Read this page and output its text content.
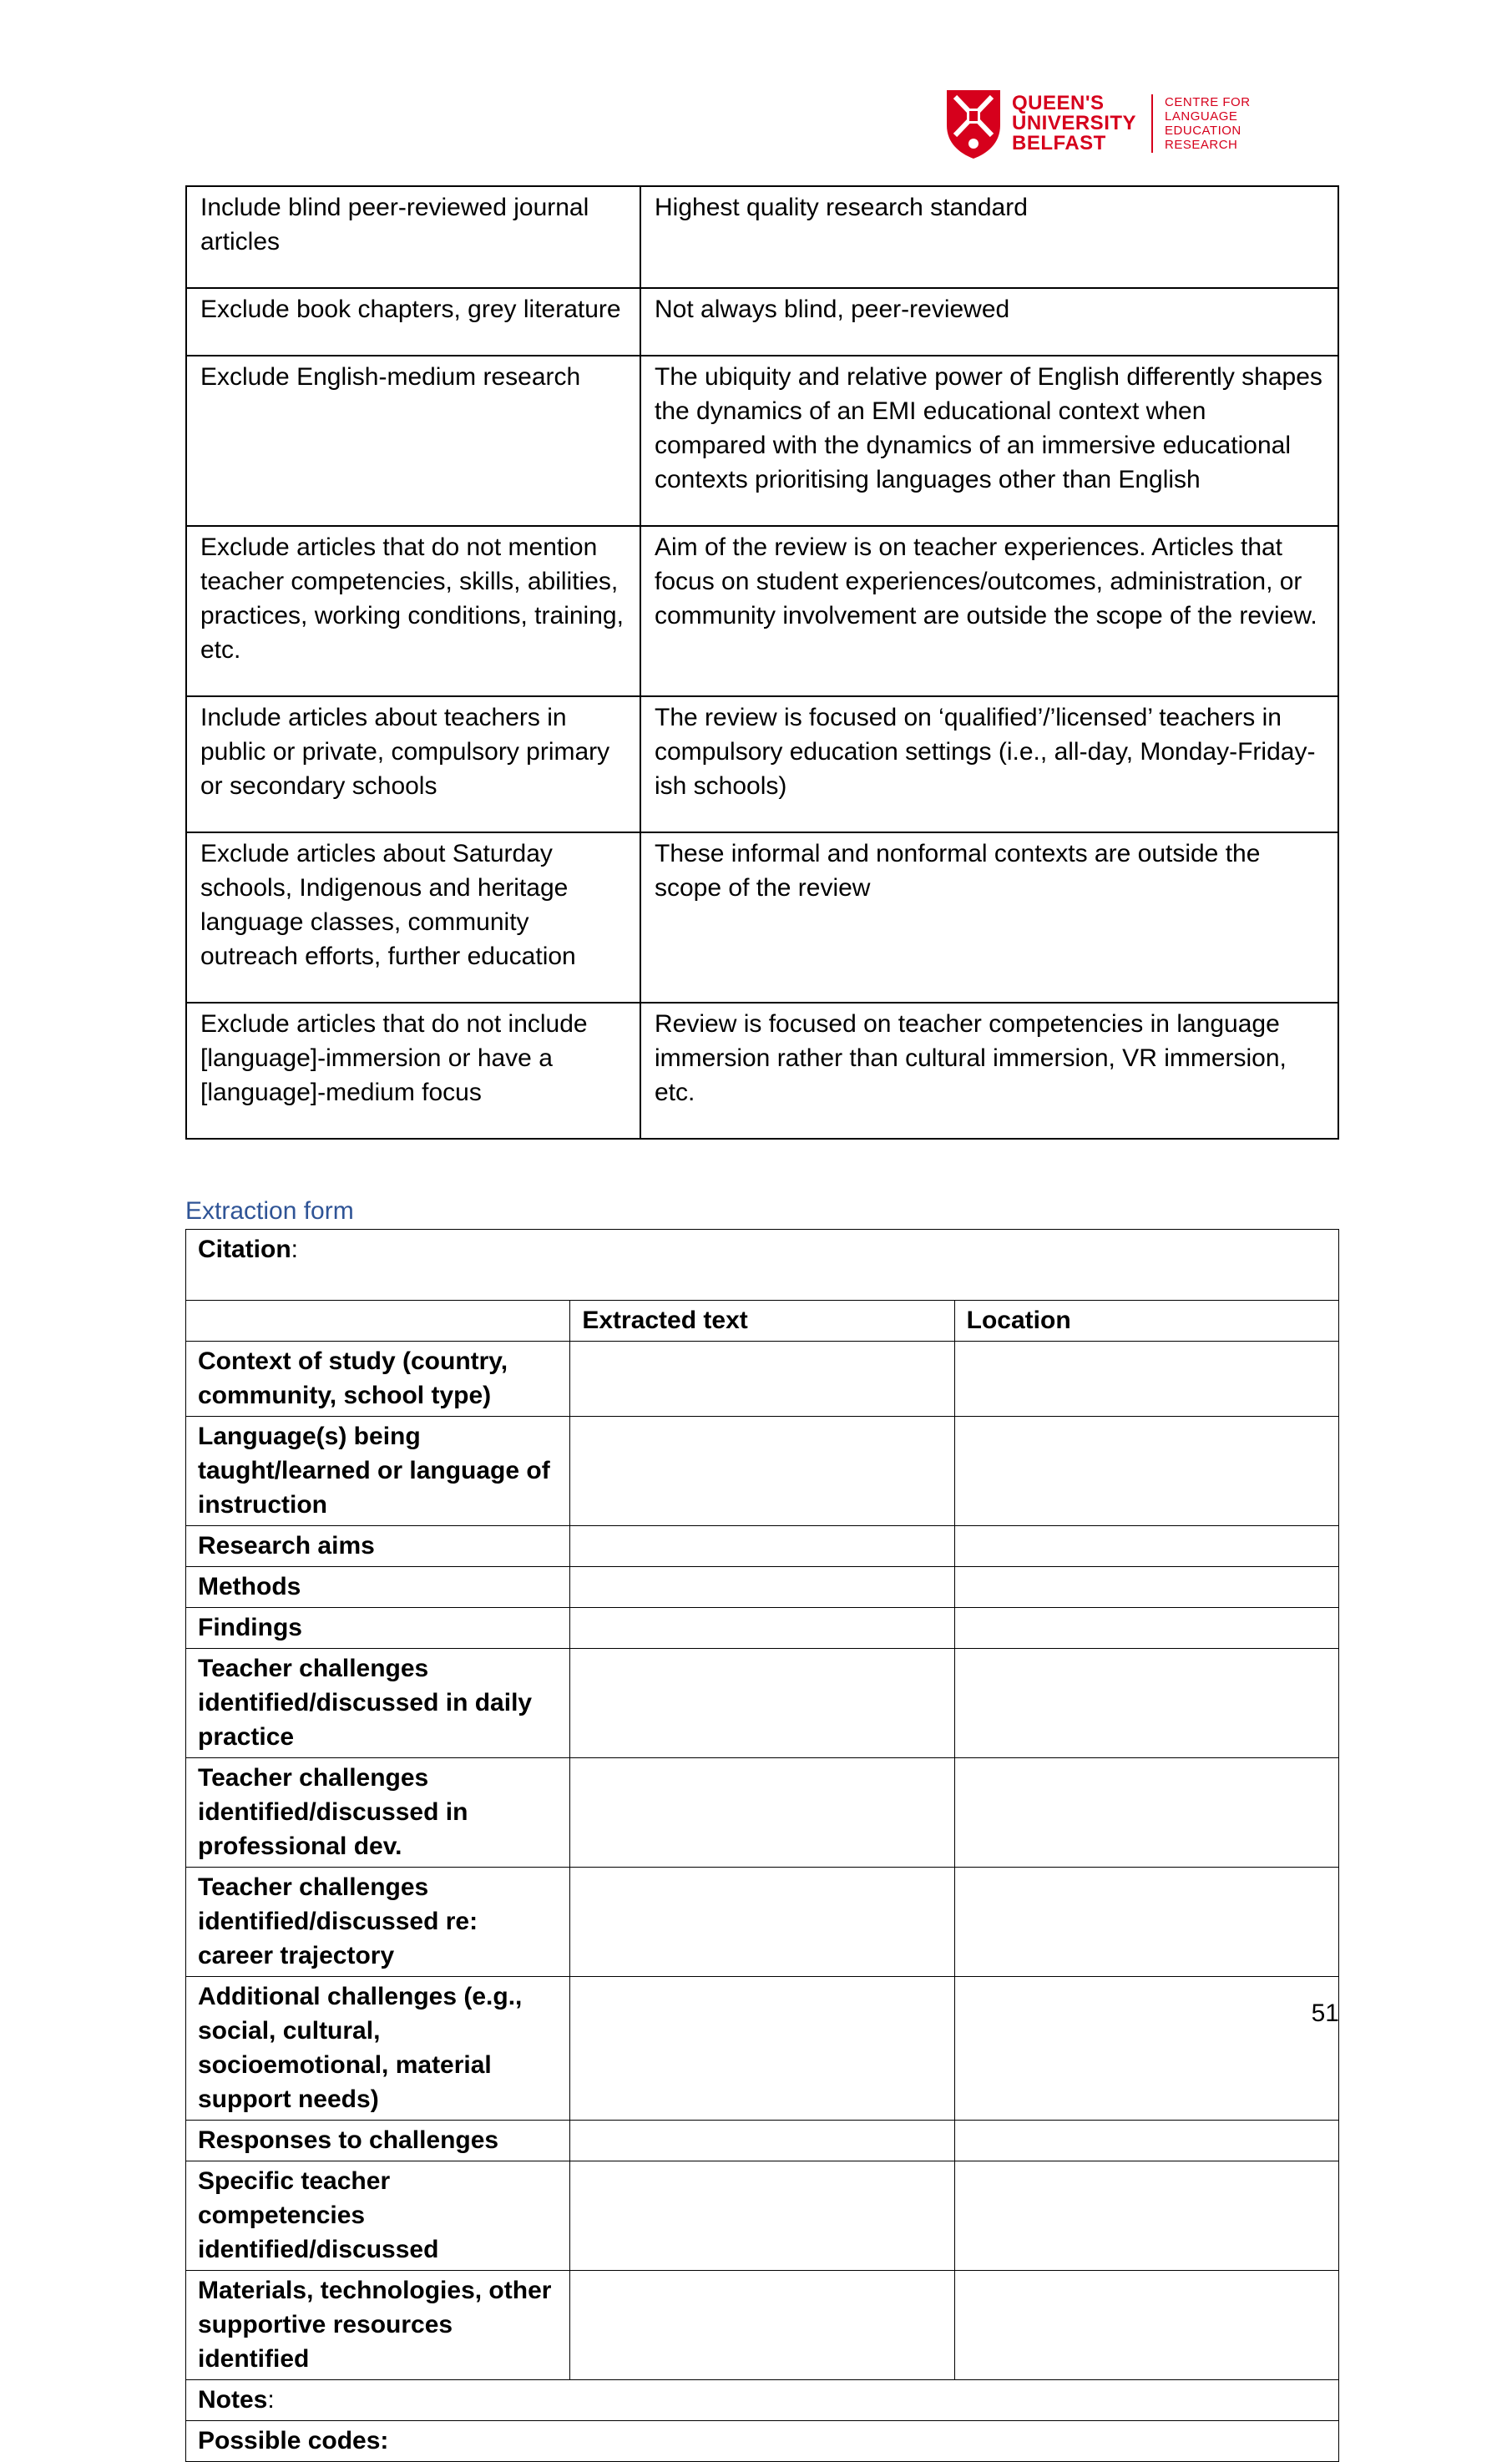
QUEEN'S
UNIVERSITY
BELFAST
CENTRE FOR
LANGUAGE
EDUCATION
RESEARCH
Include blind peer-reviewed journal articles	Highest quality research standard
Exclude book chapters, grey literature	Not always blind, peer-reviewed
Exclude English-medium research	The ubiquity and relative power of English differently shapes the dynamics of an EMI educational context when compared with the dynamics of an immersive educational contexts prioritising languages other than English
Exclude articles that do not mention teacher competencies, skills, abilities, practices, working conditions, training, etc.	Aim of the review is on teacher experiences. Articles that focus on student experiences/outcomes, administration, or community involvement are outside the scope of the review.
Include articles about teachers in public or private, compulsory primary or secondary schools	The review is focused on ‘qualified’/’licensed’ teachers in compulsory education settings (i.e., all-day, Monday-Friday-ish schools)
Exclude articles about Saturday schools, Indigenous and heritage language classes, community outreach efforts, further education	These informal and nonformal contexts are outside the scope of the review
Exclude articles that do not include [language]-immersion or have a [language]-medium focus	Review is focused on teacher competencies in language immersion rather than cultural immersion, VR immersion, etc.
Extraction form
Citation:		
	Extracted text	Location
Context of study (country, community, school type)		
Language(s) being taught/learned or language of instruction		
Research aims		
Methods		
Findings		
Teacher challenges identified/discussed in daily practice		
Teacher challenges identified/discussed in professional dev.		
Teacher challenges identified/discussed re: career trajectory		
Additional challenges (e.g., social, cultural, socioemotional, material support needs)		
Responses to challenges		
Specific teacher competencies identified/discussed		
Materials, technologies, other supportive resources identified		
Notes:		
Possible codes:		
51
